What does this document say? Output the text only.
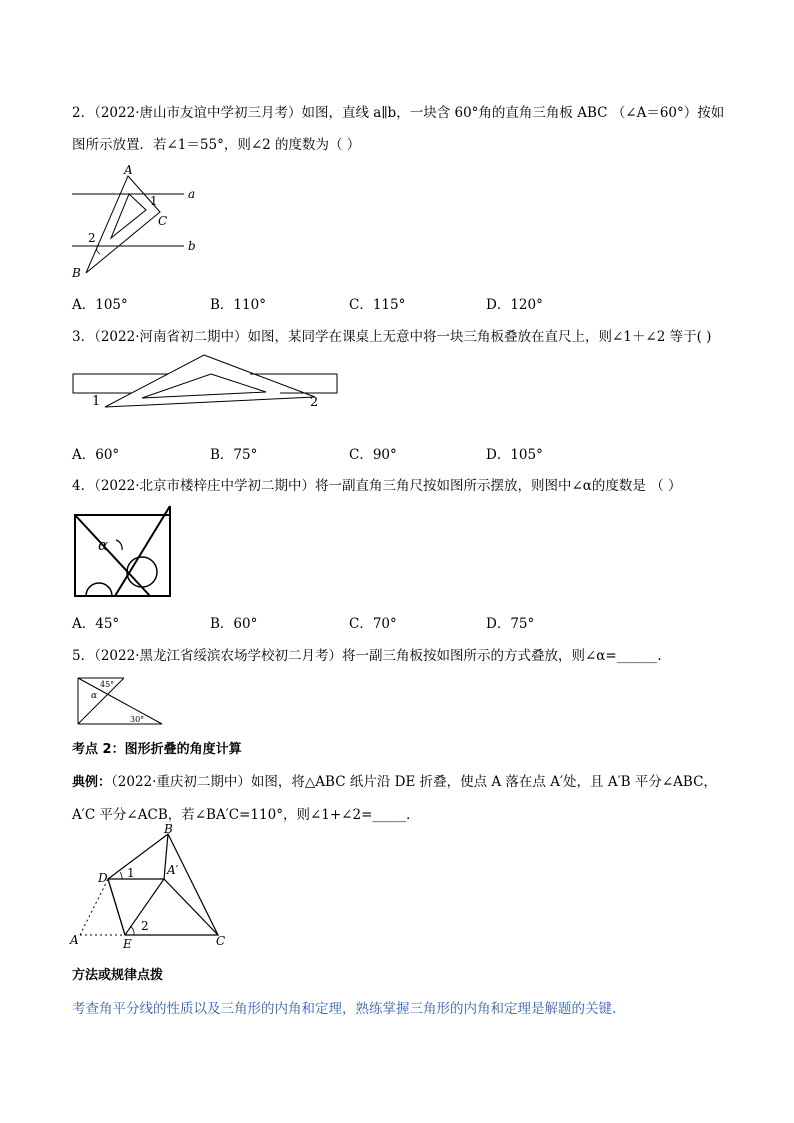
2．（2022·唐山市友谊中学初三月考）如图，直线 a∥b，一块含 60°角的直角三角板 ABC （∠A＝60°）按如
图所示放置．若∠1＝55°，则∠2 的度数为（ ）
A
1
C
2
B
a
b
A．105°	B．110°	C．115°	D．120°
3．（2022·河南省初二期中）如图，某同学在课桌上无意中将一块三角板叠放在直尺上，则∠1＋∠2 等于( )
1	2
A．60°	B．75°	C．90°	D．105°
4．（2022·北京市楼梓庄中学初二期中）将一副直角三角尺按如图所示摆放，则图中∠α的度数是 （ ）
α
A．45°	B．60°	C．70°	D．75°
5．（2022·黑龙江省绥滨农场学校初二月考）将一副三角板按如图所示的方式叠放，则∠α=______.
45°
α
30°
考点 2：图形折叠的角度计算
典例：（2022·重庆初二期中）如图，将△ABC 纸片沿 DE 折叠，使点 A 落在点 A′处，且 A′B 平分∠ABC，
A′C 平分∠ACB，若∠BA′C=110°，则∠1+∠2=_____．
B
D 1	A′
A	E
2
C
方法或规律点拨
考查角平分线的性质以及三角形的内角和定理，熟练掌握三角形的内角和定理是解题的关键.
